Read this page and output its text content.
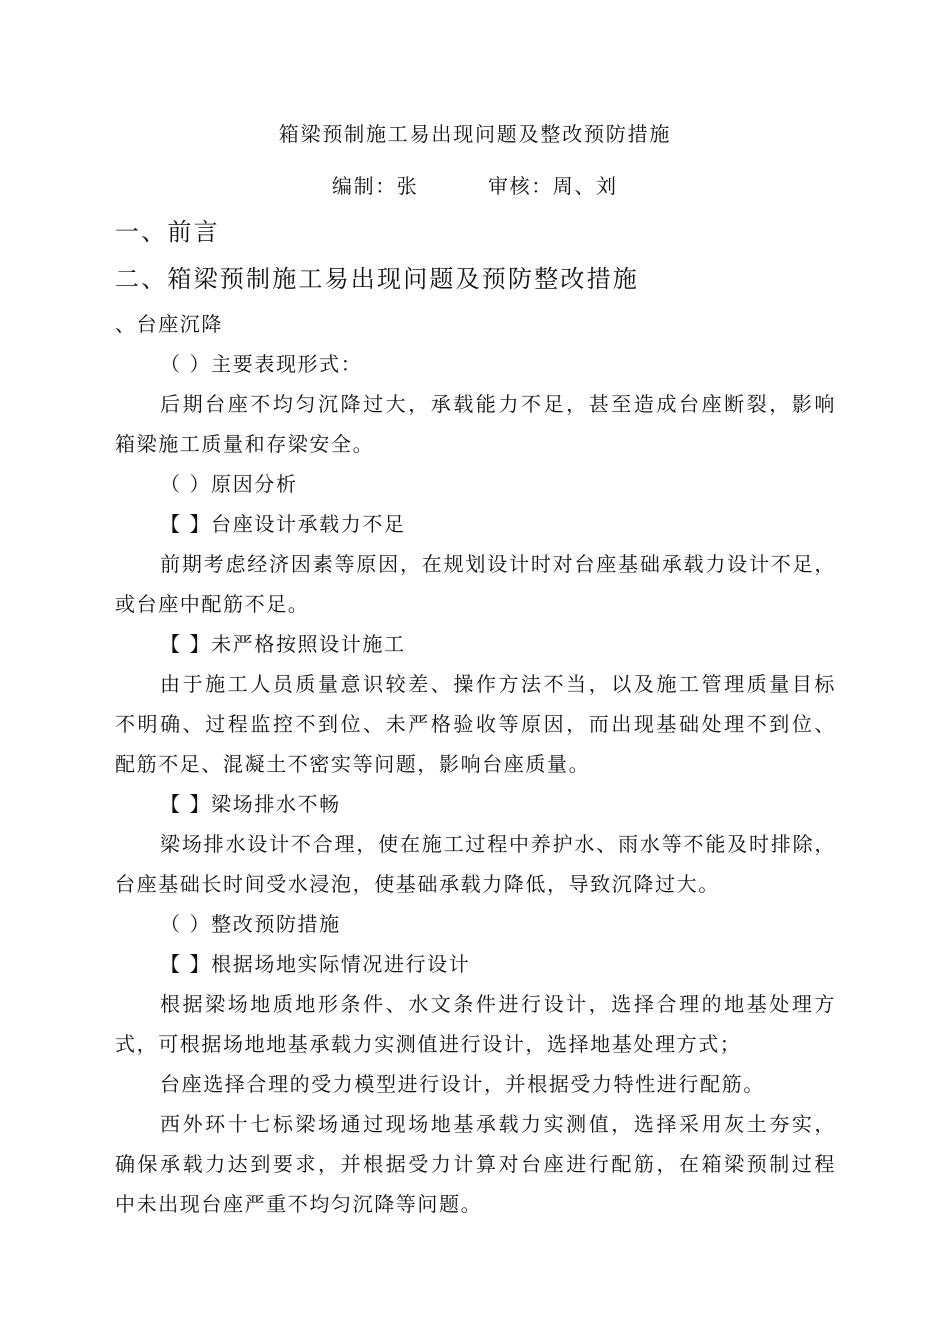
箱梁预制施工易出现问题及整改预防措施
编制：张	审核：周、刘
一、前言
二、箱梁预制施工易出现问题及预防整改措施
、台座沉降
（ ）主要表现形式：
后期台座不均匀沉降过大，承载能力不足，甚至造成台座断裂，影响
箱梁施工质量和存梁安全。
（ ）原因分析
【 】台座设计承载力不足
前期考虑经济因素等原因，在规划设计时对台座基础承载力设计不足，
或台座中配筋不足。
【 】未严格按照设计施工
由于施工人员质量意识较差、操作方法不当，以及施工管理质量目标
不明确、过程监控不到位、未严格验收等原因，而出现基础处理不到位、
配筋不足、混凝土不密实等问题，影响台座质量。
【 】梁场排水不畅
梁场排水设计不合理，使在施工过程中养护水、雨水等不能及时排除，
台座基础长时间受水浸泡，使基础承载力降低，导致沉降过大。
（ ）整改预防措施
【 】根据场地实际情况进行设计
根据梁场地质地形条件、水文条件进行设计，选择合理的地基处理方
式，可根据场地地基承载力实测值进行设计，选择地基处理方式；
台座选择合理的受力模型进行设计，并根据受力特性进行配筋。
西外环十七标梁场通过现场地基承载力实测值，选择采用灰土夯实，
确保承载力达到要求，并根据受力计算对台座进行配筋，在箱梁预制过程
中未出现台座严重不均匀沉降等问题。
